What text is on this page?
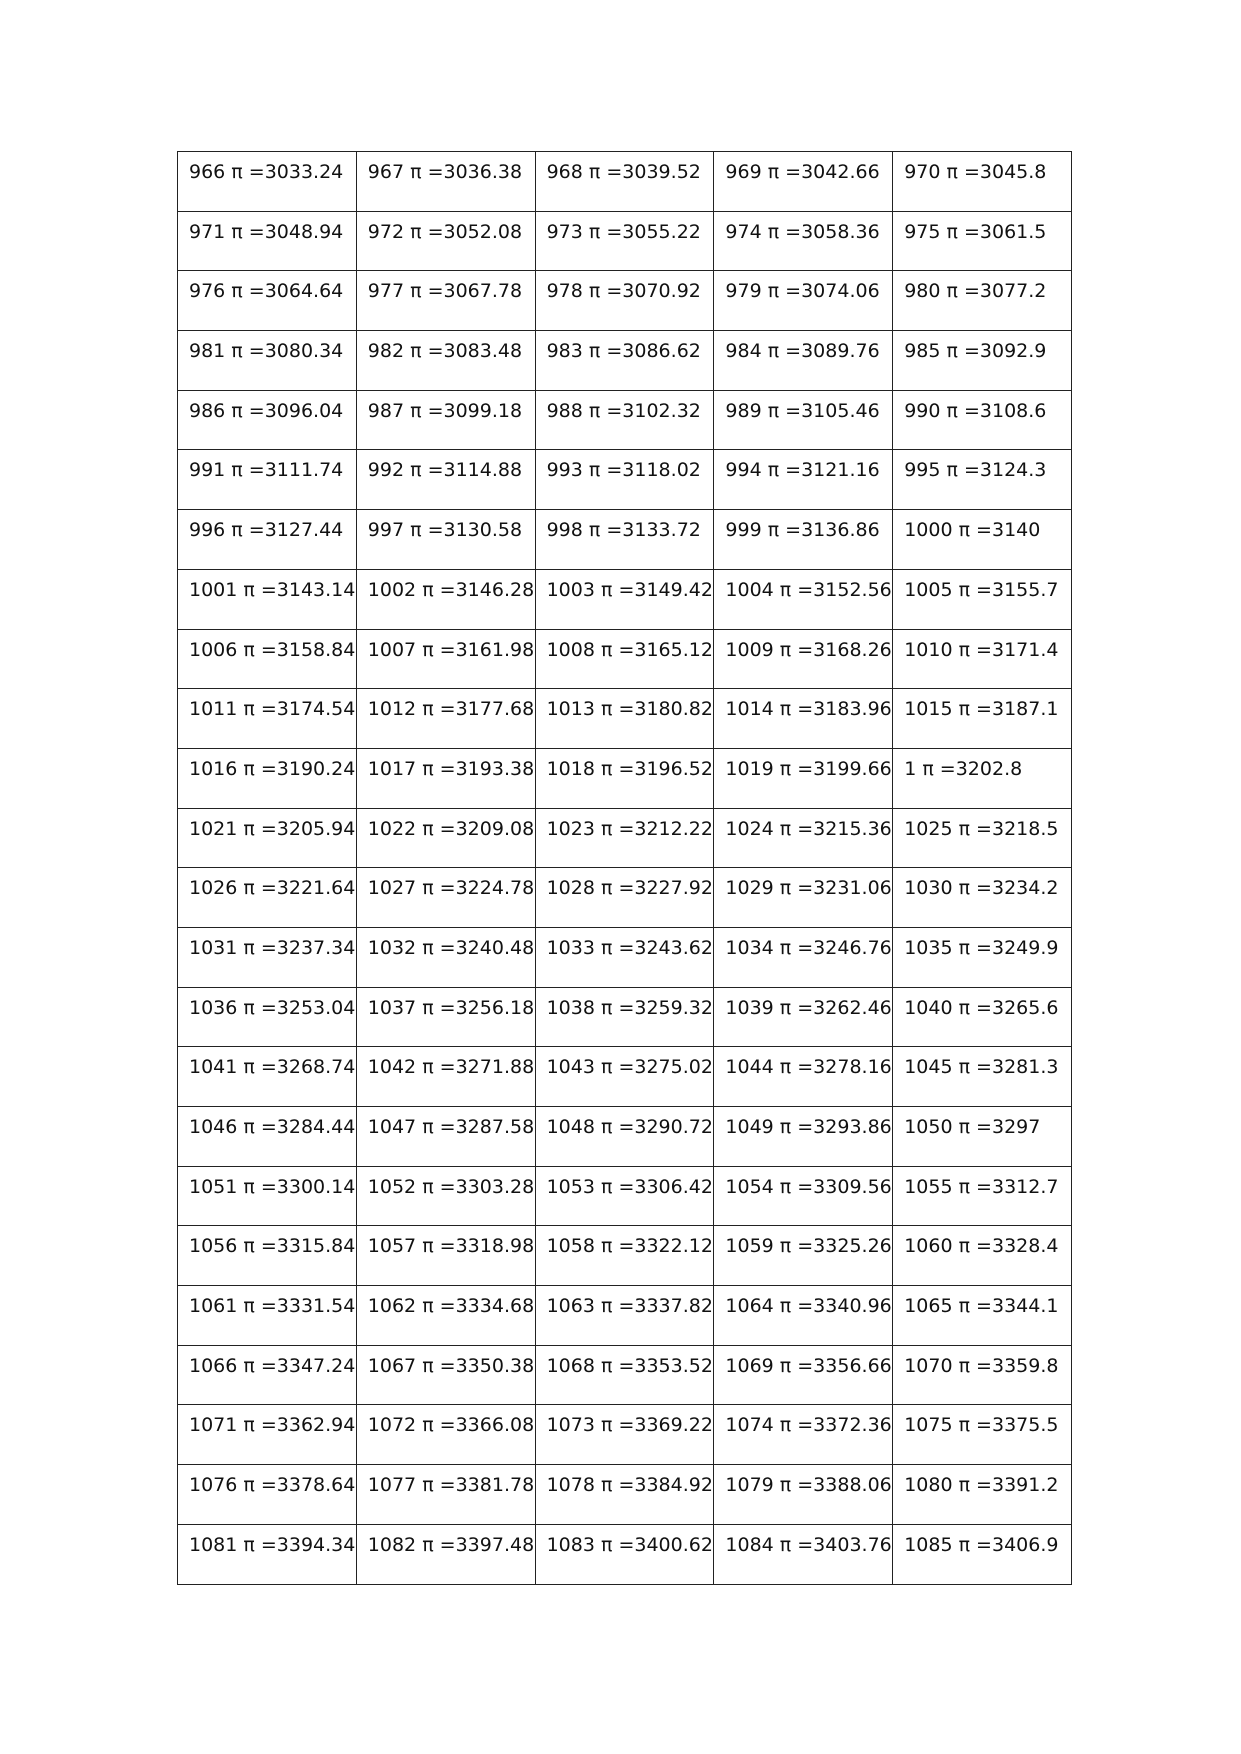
966 π =3033.24	967 π =3036.38	968 π =3039.52	969 π =3042.66	970 π =3045.8

971 π =3048.94	972 π =3052.08	973 π =3055.22	974 π =3058.36	975 π =3061.5

976 π =3064.64	977 π =3067.78	978 π =3070.92	979 π =3074.06	980 π =3077.2

981 π =3080.34	982 π =3083.48	983 π =3086.62	984 π =3089.76	985 π =3092.9

986 π =3096.04	987 π =3099.18	988 π =3102.32	989 π =3105.46	990 π =3108.6

991 π =3111.74	992 π =3114.88	993 π =3118.02	994 π =3121.16	995 π =3124.3

996 π =3127.44	997 π =3130.58	998 π =3133.72	999 π =3136.86	1000 π =3140

1001 π =3143.14	1002 π =3146.28	1003 π =3149.42	1004 π =3152.56	1005 π =3155.7

1006 π =3158.84	1007 π =3161.98	1008 π =3165.12	1009 π =3168.26	1010 π =3171.4

1011 π =3174.54	1012 π =3177.68	1013 π =3180.82	1014 π =3183.96	1015 π =3187.1

1016 π =3190.24	1017 π =3193.38	1018 π =3196.52	1019 π =3199.66	1 π =3202.8

1021 π =3205.94	1022 π =3209.08	1023 π =3212.22	1024 π =3215.36	1025 π =3218.5

1026 π =3221.64	1027 π =3224.78	1028 π =3227.92	1029 π =3231.06	1030 π =3234.2

1031 π =3237.34	1032 π =3240.48	1033 π =3243.62	1034 π =3246.76	1035 π =3249.9

1036 π =3253.04	1037 π =3256.18	1038 π =3259.32	1039 π =3262.46	1040 π =3265.6

1041 π =3268.74	1042 π =3271.88	1043 π =3275.02	1044 π =3278.16	1045 π =3281.3

1046 π =3284.44	1047 π =3287.58	1048 π =3290.72	1049 π =3293.86	1050 π =3297

1051 π =3300.14	1052 π =3303.28	1053 π =3306.42	1054 π =3309.56	1055 π =3312.7

1056 π =3315.84	1057 π =3318.98	1058 π =3322.12	1059 π =3325.26	1060 π =3328.4

1061 π =3331.54	1062 π =3334.68	1063 π =3337.82	1064 π =3340.96	1065 π =3344.1

1066 π =3347.24	1067 π =3350.38	1068 π =3353.52	1069 π =3356.66	1070 π =3359.8

1071 π =3362.94	1072 π =3366.08	1073 π =3369.22	1074 π =3372.36	1075 π =3375.5

1076 π =3378.64	1077 π =3381.78	1078 π =3384.92	1079 π =3388.06	1080 π =3391.2

1081 π =3394.34	1082 π =3397.48	1083 π =3400.62	1084 π =3403.76	1085 π =3406.9
